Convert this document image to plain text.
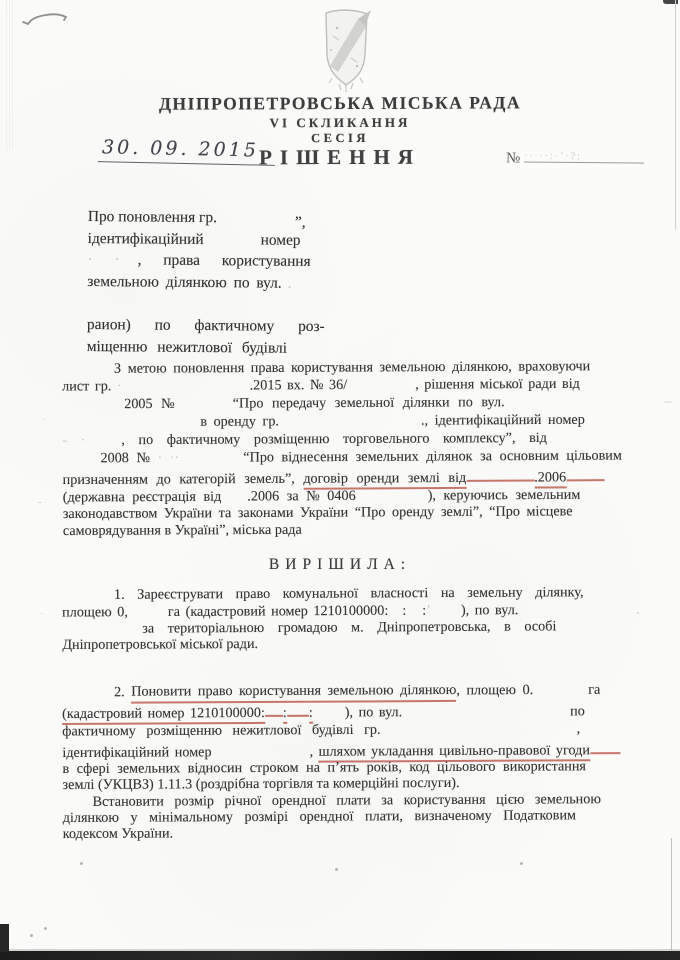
ДНІПРОПЕТРОВСЬКА МІСЬКА РАДА
VI СКЛИКАННЯ
СЕСІЯ
РІШЕННЯ
30. 09. 2015	№ ·· ··:·’·?;
Про поновлення гр.	”,
ідентифікаційний	номер
· · , права користування
земельною ділянкою по вул. .

раион) по фактичному роз-
міщенню нежитлової будівлі
З метою поновлення права користування земельною ділянкою, враховуючи
лист гр. ·	.2015 вх. № 36/	, рішення міської ради від
2005 №	“Про передачу земельної ділянки по вул.	–
в оренду гр.	., ідентифікаційний номер
- ·	, по фактичному розміщенню торговельного комплексу”, від
2008 № · ··	“Про віднесення земельних ділянок за основним цільовим
призначенням до категорій земель”, договір оренди землі від	.2006
(державна реєстрація від .2006 за № 0406	), керуючись земельним
законодавством України та законами України “Про оренду землі”, “Про місцеве
самоврядування в Україні”, міська рада
1. Зареєструвати право комунальної власності на земельну ділянку,
площею 0,	га (кадастровий номер 1210100000: : :ʼ ), по вул.	.
за територіальною громадою м. Дніпропетровська, в особі
Дніпропетровської міської ради.
2. Поновити право користування земельною ділянкою, площею 0.	га
(кадастровий номер 1210100000: : : ), по вул.	по
фактичному розміщенню нежитлової будівлі гр.	,
ідентифікаційний номер	, шляхом укладання цивільно-правової угоди
в сфері земельних відносин строком на п’ять років, код цільового використання
землі (УКЦВЗ) 1.11.3 (роздрібна торгівля та комерційні послуги).
Встановити розмір річної орендної плати за користування цією земельною
ділянкою у мінімальному розмірі орендної плати, визначеному Податковим
кодексом України.
ВИРІШИЛА:
·
-
·
